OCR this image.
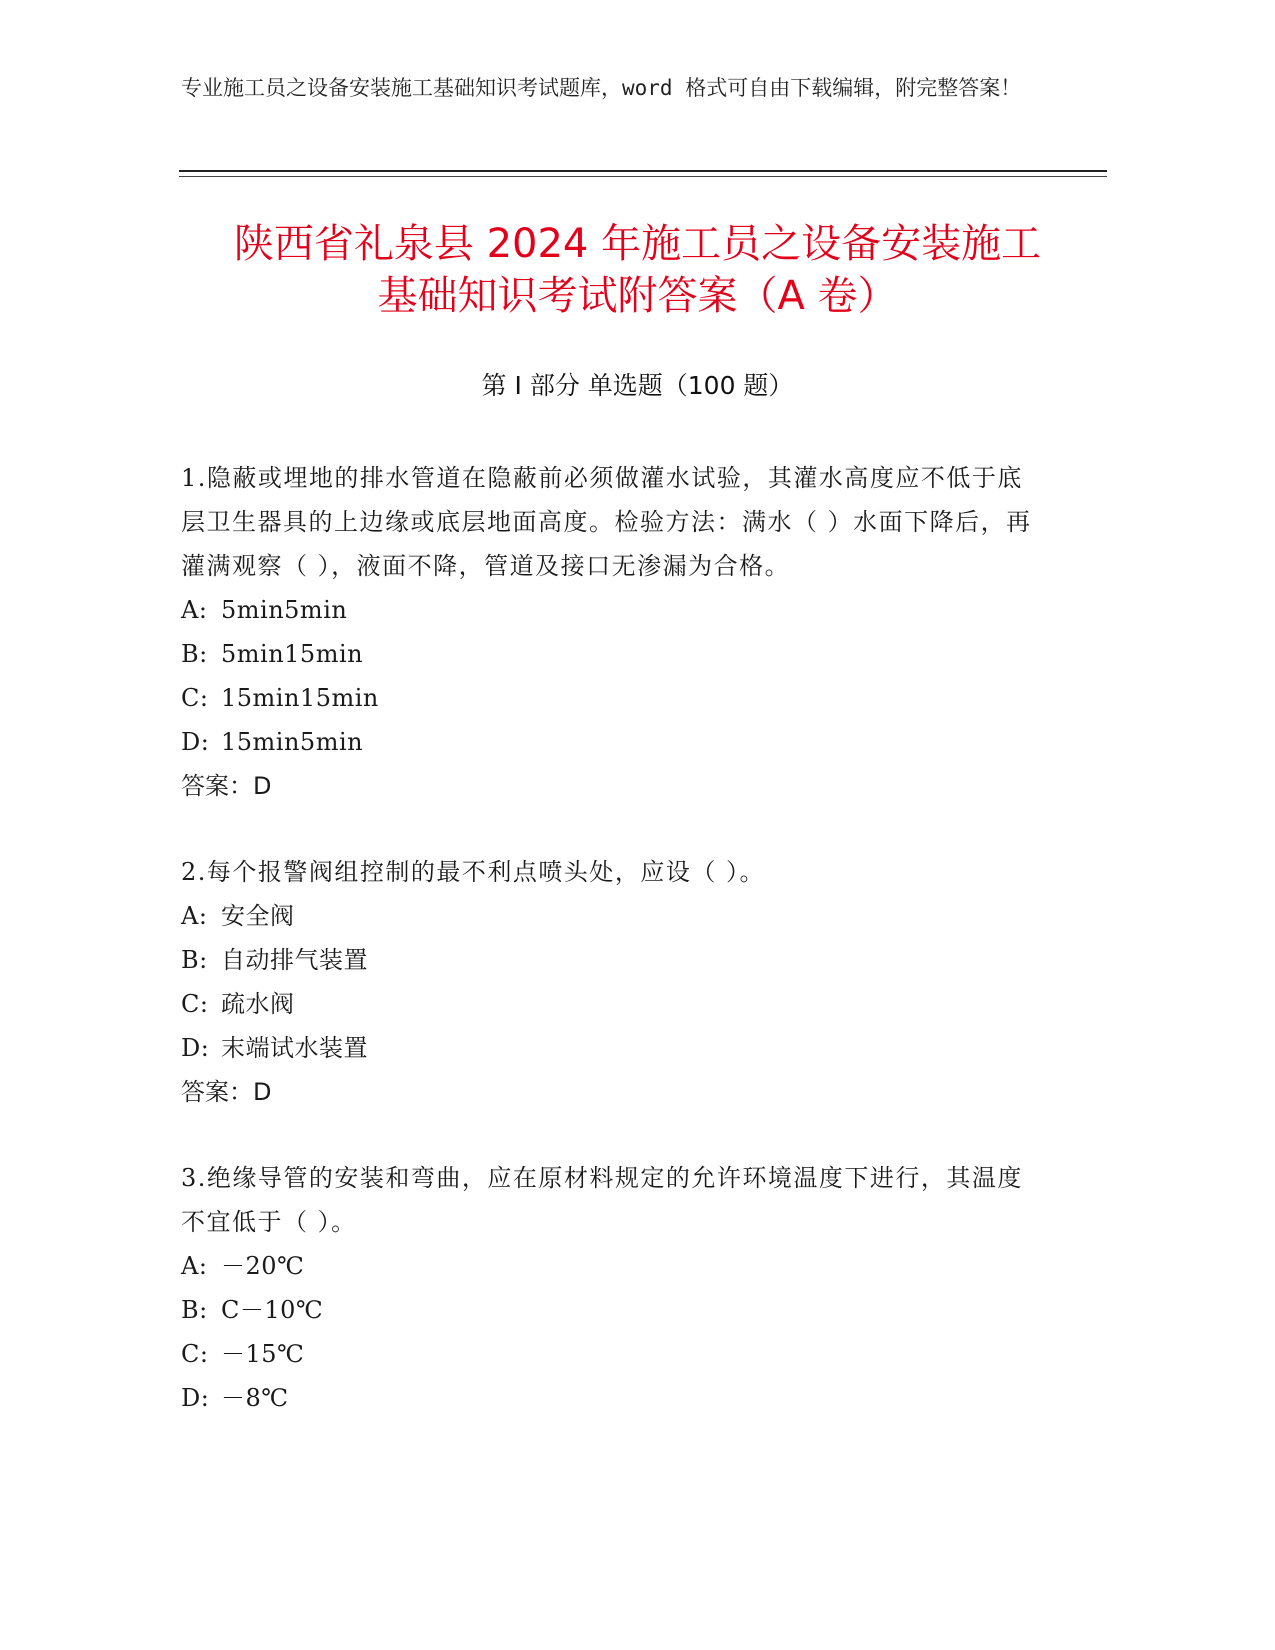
专业施工员之设备安装施工基础知识考试题库，word 格式可自由下载编辑，附完整答案！
陕西省礼泉县 2024 年施工员之设备安装施工
基础知识考试附答案（A 卷）
第 I 部分 单选题（100 题）

1.隐蔽或埋地的排水管道在隐蔽前必须做灌水试验，其灌水高度应不低于底层卫生器具的上边缘或底层地面高度。检验方法：满水（ ）水面下降后，再灌满观察（ ），液面不降，管道及接口无渗漏为合格。

A: 5min5min

B: 5min15min

C: 15min15min

D: 15min5min

答案：D

2.每个报警阀组控制的最不利点喷头处，应设（ ）。

A: 安全阀

B: 自动排气装置

C: 疏水阀

D: 末端试水装置

答案：D

3.绝缘导管的安装和弯曲，应在原材料规定的允许环境温度下进行，其温度不宜低于（ ）。

A: －20℃

B: C－10℃

C: －15℃

D: －8℃
